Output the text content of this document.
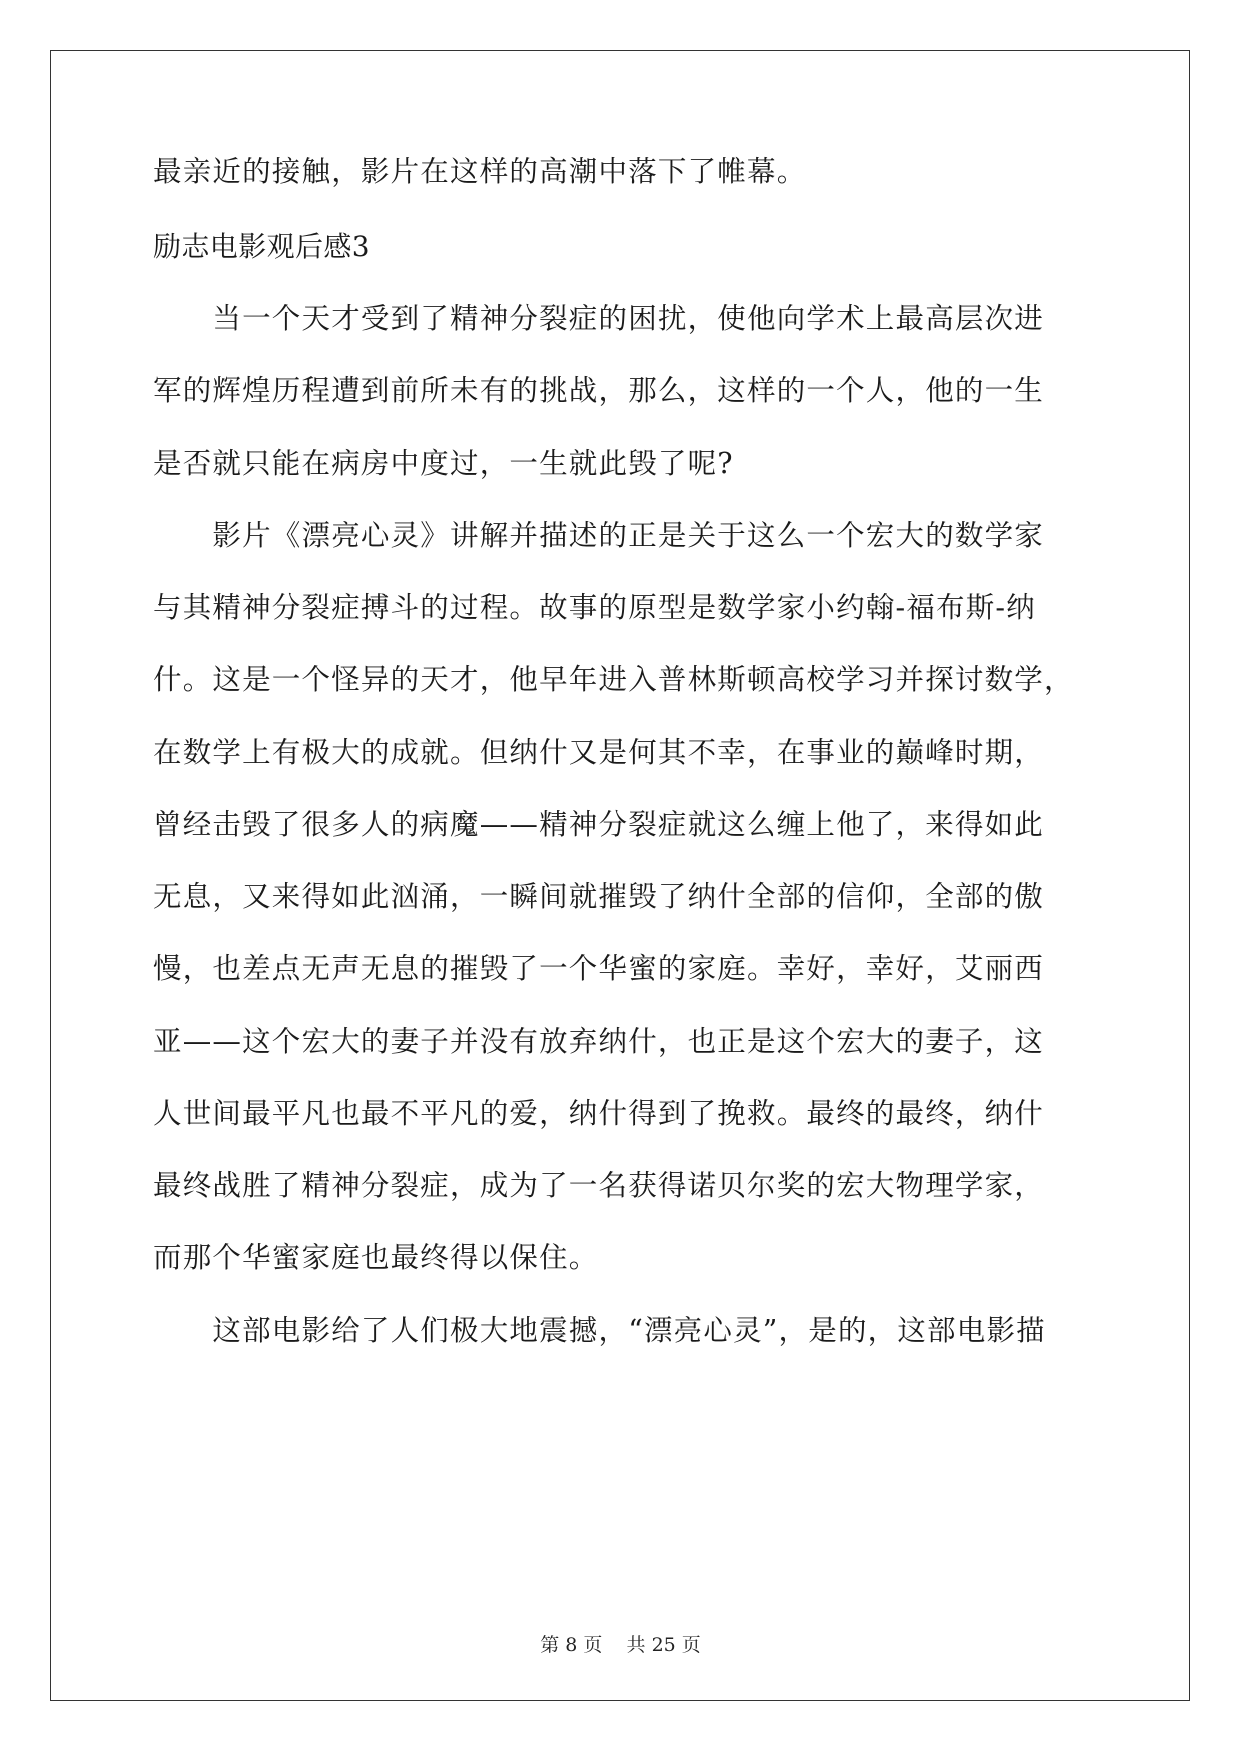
最亲近的接触，影片在这样的高潮中落下了帷幕。
励志电影观后感3
　　当一个天才受到了精神分裂症的困扰，使他向学术上最高层次进
军的辉煌历程遭到前所未有的挑战，那么，这样的一个人，他的一生
是否就只能在病房中度过，一生就此毁了呢?
　　影片《漂亮心灵》讲解并描述的正是关于这么一个宏大的数学家
与其精神分裂症搏斗的过程。故事的原型是数学家小约翰-福布斯-纳
什。这是一个怪异的天才，他早年进入普林斯顿高校学习并探讨数学，
在数学上有极大的成就。但纳什又是何其不幸，在事业的巅峰时期，
曾经击毁了很多人的病魔——精神分裂症就这么缠上他了，来得如此
无息，又来得如此汹涌，一瞬间就摧毁了纳什全部的信仰，全部的傲
慢，也差点无声无息的摧毁了一个华蜜的家庭。幸好，幸好，艾丽西
亚——这个宏大的妻子并没有放弃纳什，也正是这个宏大的妻子，这
人世间最平凡也最不平凡的爱，纳什得到了挽救。最终的最终，纳什
最终战胜了精神分裂症，成为了一名获得诺贝尔奖的宏大物理学家，
而那个华蜜家庭也最终得以保住。
　　这部电影给了人们极大地震撼，“漂亮心灵”，是的，这部电影描
第 8 页 共 25 页
